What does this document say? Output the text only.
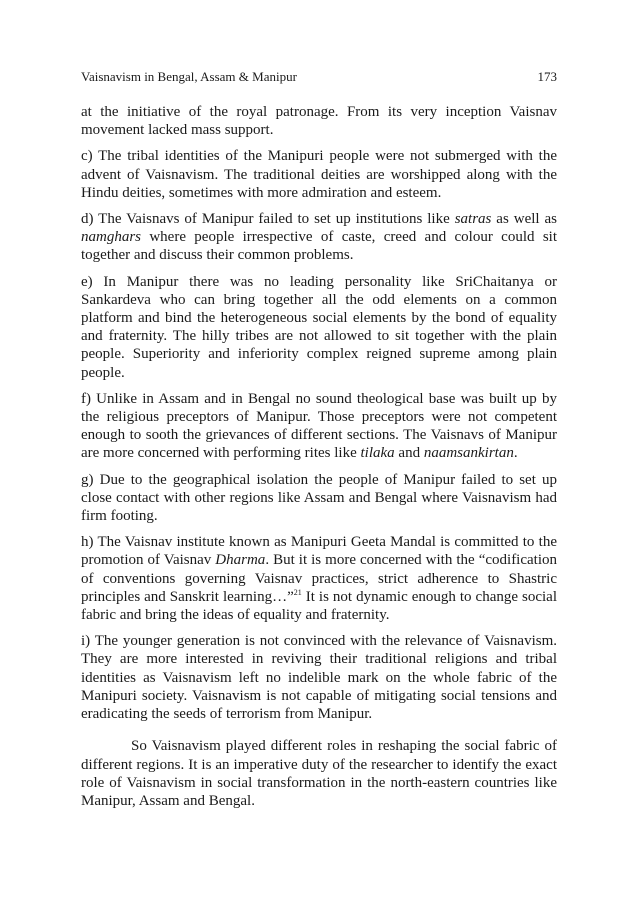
Vaisnavism in Bengal, Assam & Manipur	173

at the initiative of the royal patronage. From its very inception Vaisnav movement lacked mass support.

c) The tribal identities of the Manipuri people were not submerged with the advent of Vaisnavism. The traditional deities are worshipped along with the Hindu deities, sometimes with more admiration and esteem.

d) The Vaisnavs of Manipur failed to set up institutions like satras as well as namghars where people irrespective of caste, creed and colour could sit together and discuss their common problems.

e) In Manipur there was no leading personality like SriChaitanya or Sankardeva who can bring together all the odd elements on a common platform and bind the heterogeneous social elements by the bond of equality and fraternity. The hilly tribes are not allowed to sit together with the plain people. Superiority and inferiority complex reigned supreme among plain people.

f) Unlike in Assam and in Bengal no sound theological base was built up by the religious preceptors of Manipur. Those preceptors were not competent enough to sooth the grievances of different sections. The Vaisnavs of Manipur are more concerned with performing rites like tilaka and naamsankirtan.

g) Due to the geographical isolation the people of Manipur failed to set up close contact with other regions like Assam and Bengal where Vaisnavism had firm footing.

h) The Vaisnav institute known as Manipuri Geeta Mandal is committed to the promotion of Vaisnav Dharma. But it is more concerned with the “codification of conventions governing Vaisnav practices, strict adherence to Shastric principles and Sanskrit learning…”$^{21}$ It is not dynamic enough to change social fabric and bring the ideas of equality and fraternity.

i) The younger generation is not convinced with the relevance of Vaisnavism. They are more interested in reviving their traditional religions and tribal identities as Vaisnavism left no indelible mark on the whole fabric of the Manipuri society. Vaisnavism is not capable of mitigating social tensions and eradicating the seeds of terrorism from Manipur.

So Vaisnavism played different roles in reshaping the social fabric of different regions. It is an imperative duty of the researcher to identify the exact role of Vaisnavism in social transformation in the north-eastern countries like Manipur, Assam and Bengal.
